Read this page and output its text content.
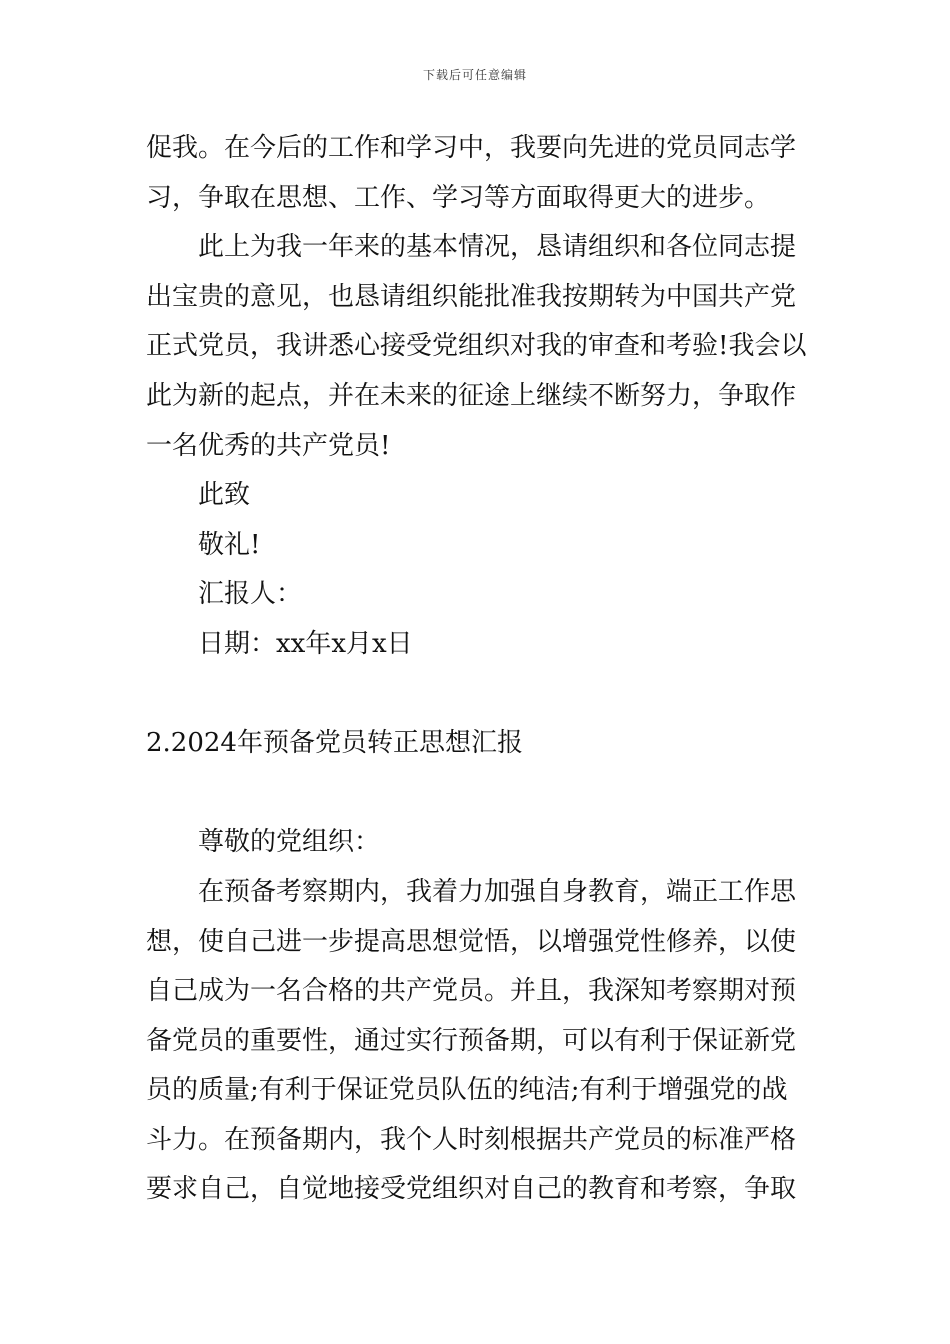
下载后可任意编辑
促我。在今后的工作和学习中，我要向先进的党员同志学
习，争取在思想、工作、学习等方面取得更大的进步。
此上为我一年来的基本情况，恳请组织和各位同志提
出宝贵的意见，也恳请组织能批准我按期转为中国共产党
正式党员，我讲悉心接受党组织对我的审查和考验!我会以
此为新的起点，并在未来的征途上继续不断努力，争取作
一名优秀的共产党员!
此致
敬礼!
汇报人：
日期：xx年x月x日
2.2024年预备党员转正思想汇报
尊敬的党组织：
在预备考察期内，我着力加强自身教育，端正工作思
想，使自己进一步提高思想觉悟，以增强党性修养，以使
自己成为一名合格的共产党员。并且，我深知考察期对预
备党员的重要性，通过实行预备期，可以有利于保证新党
员的质量;有利于保证党员队伍的纯洁;有利于增强党的战
斗力。在预备期内，我个人时刻根据共产党员的标准严格
要求自己，自觉地接受党组织对自己的教育和考察，争取
